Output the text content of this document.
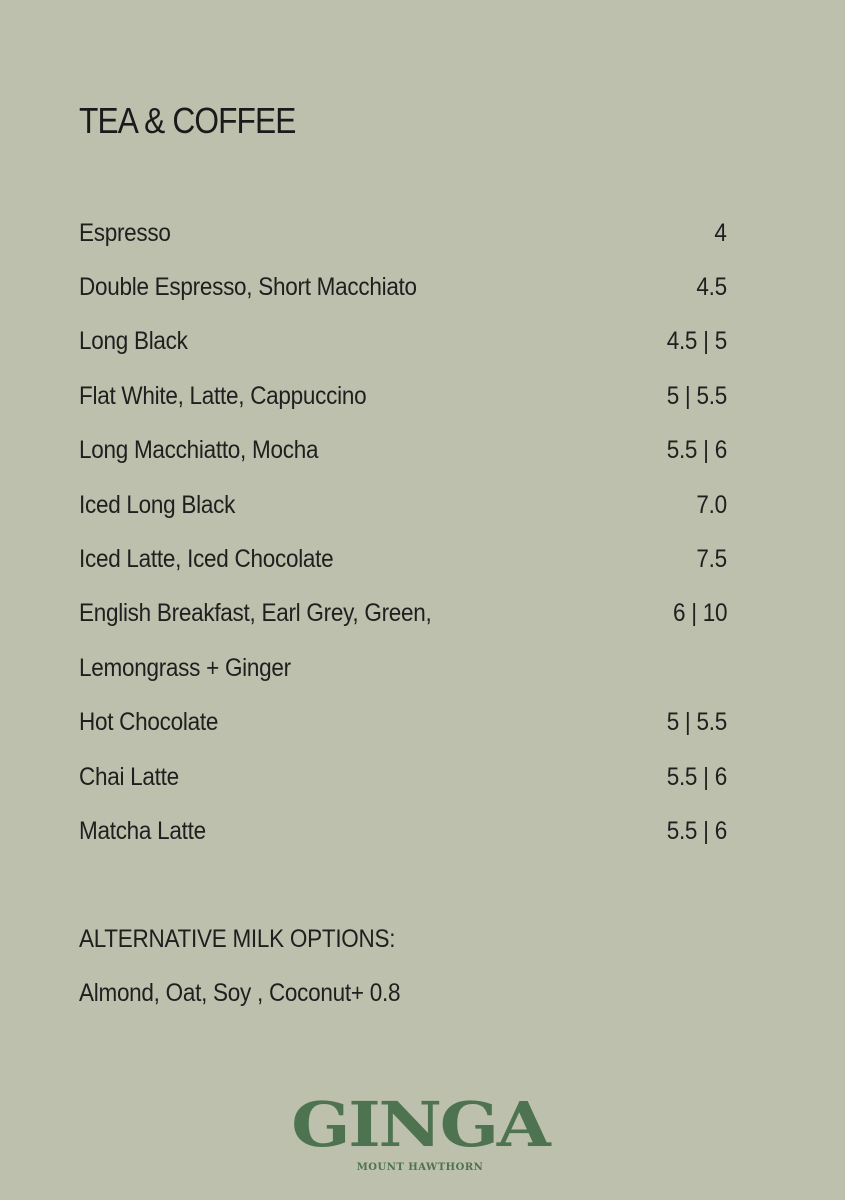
TEA & COFFEE
Espresso	4
Double Espresso, Short Macchiato	4.5
Long Black	4.5 | 5
Flat White, Latte, Cappuccino	5 | 5.5
Long Macchiatto, Mocha	5.5 | 6
Iced Long Black	7.0
Iced Latte, Iced Chocolate	7.5
English Breakfast, Earl Grey, Green,	6 | 10
Lemongrass + Ginger
Hot Chocolate	5 | 5.5
Chai Latte	5.5 | 6
Matcha Latte	5.5 | 6
ALTERNATIVE MILK OPTIONS:
Almond, Oat, Soy , Coconut+ 0.8
GINGA
MOUNT HAWTHORN
